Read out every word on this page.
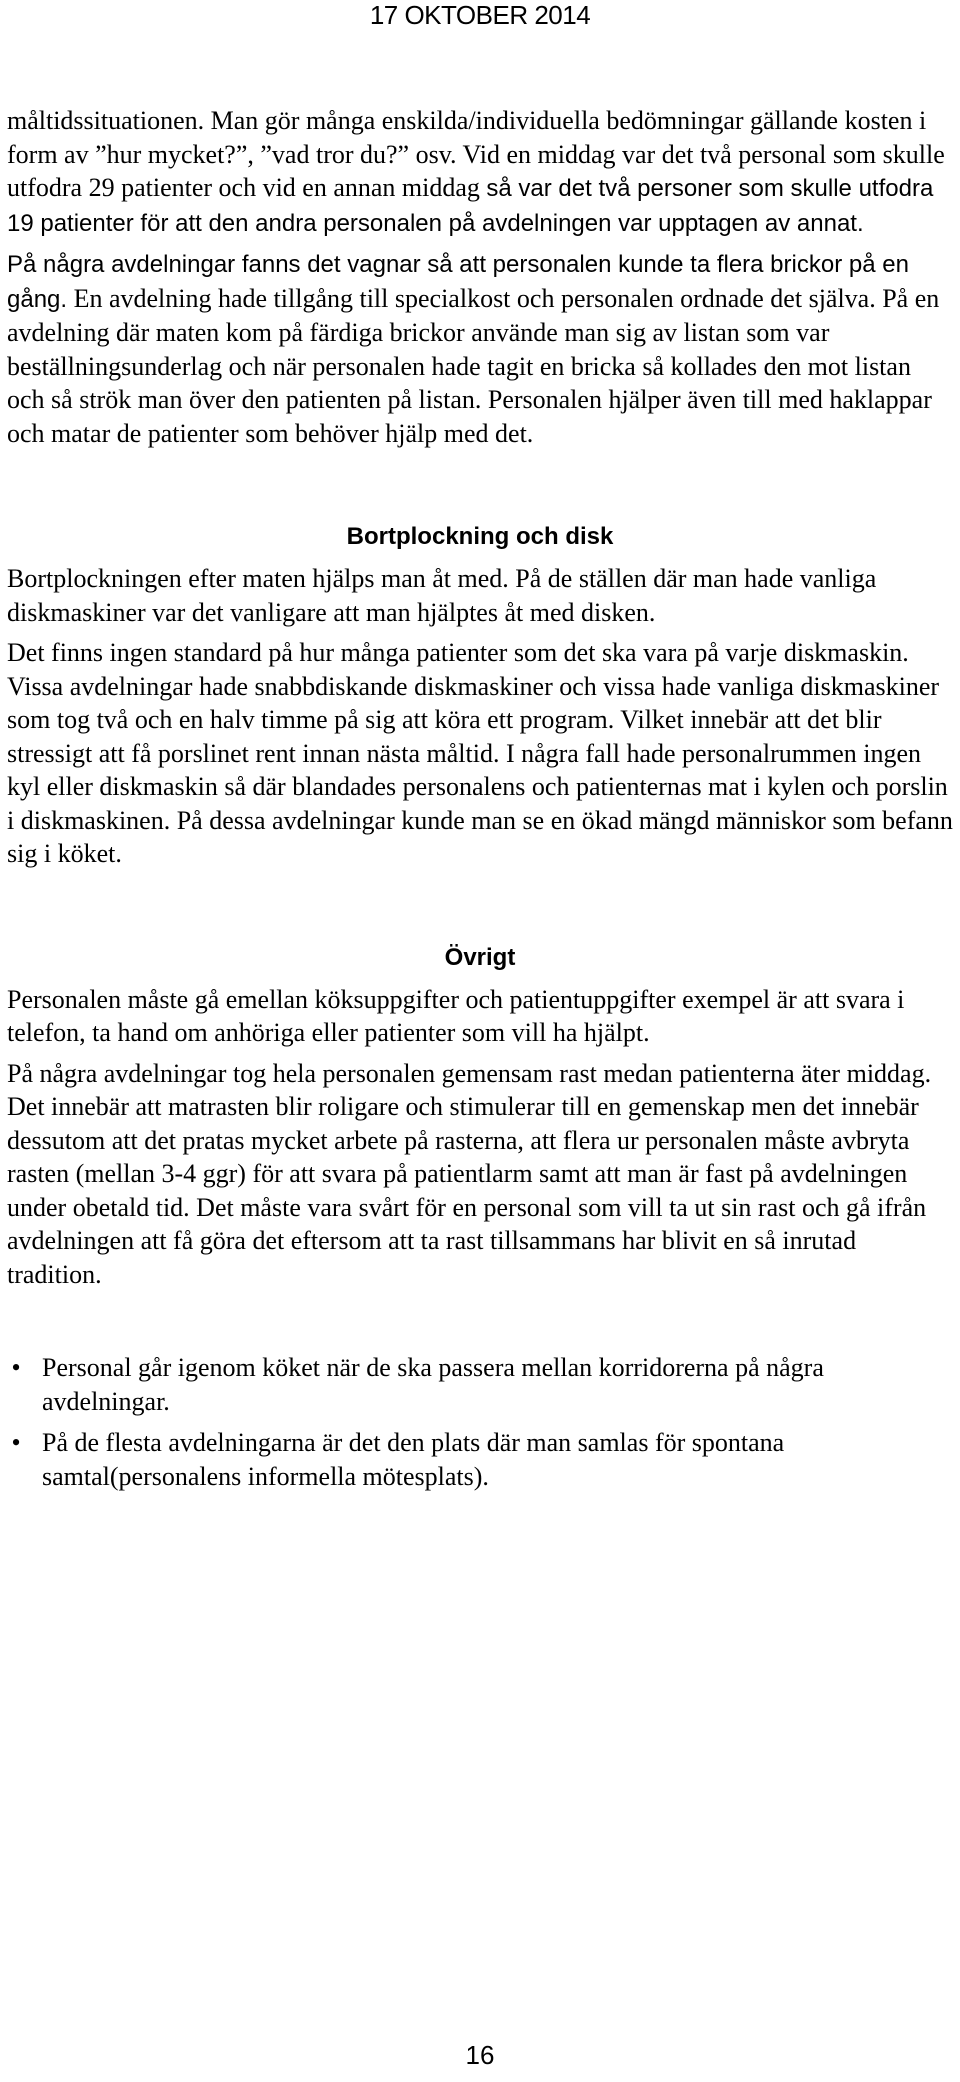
17 OKTOBER 2014

måltidssituationen. Man gör många enskilda/individuella bedömningar gällande kosten i form av ”hur mycket?”, ”vad tror du?” osv. Vid en middag var det två personal som skulle utfodra 29 patienter och vid en annan middag så var det två personer som skulle utfodra 19 patienter för att den andra personalen på avdelningen var upptagen av annat.

På några avdelningar fanns det vagnar så att personalen kunde ta flera brickor på en gång. En avdelning hade tillgång till specialkost och personalen ordnade det själva. På en avdelning där maten kom på färdiga brickor använde man sig av listan som var beställningsunderlag och när personalen hade tagit en bricka så kollades den mot listan och så strök man över den patienten på listan. Personalen hjälper även till med haklappar och matar de patienter som behöver hjälp med det.

Bortplockning och disk

Bortplockningen efter maten hjälps man åt med. På de ställen där man hade vanliga diskmaskiner var det vanligare att man hjälptes åt med disken.

Det finns ingen standard på hur många patienter som det ska vara på varje diskmaskin. Vissa avdelningar hade snabbdiskande diskmaskiner och vissa hade vanliga diskmaskiner som tog två och en halv timme på sig att köra ett program. Vilket innebär att det blir stressigt att få porslinet rent innan nästa måltid. I några fall hade personalrummen ingen kyl eller diskmaskin så där blandades personalens och patienternas mat i kylen och porslin i diskmaskinen. På dessa avdelningar kunde man se en ökad mängd människor som befann sig i köket.

Övrigt

Personalen måste gå emellan köksuppgifter och patientuppgifter exempel är att svara i telefon, ta hand om anhöriga eller patienter som vill ha hjälpt.

På några avdelningar tog hela personalen gemensam rast medan patienterna äter middag. Det innebär att matrasten blir roligare och stimulerar till en gemenskap men det innebär dessutom att det pratas mycket arbete på rasterna, att flera ur personalen måste avbryta rasten (mellan 3-4 ggr) för att svara på patientlarm samt att man är fast på avdelningen under obetald tid. Det måste vara svårt för en personal som vill ta ut sin rast och gå ifrån avdelningen att få göra det eftersom att ta rast tillsammans har blivit en så inrutad tradition.

• Personal går igenom köket när de ska passera mellan korridorerna på några avdelningar.
• På de flesta avdelningarna är det den plats där man samlas för spontana samtal(personalens informella mötesplats).
16
